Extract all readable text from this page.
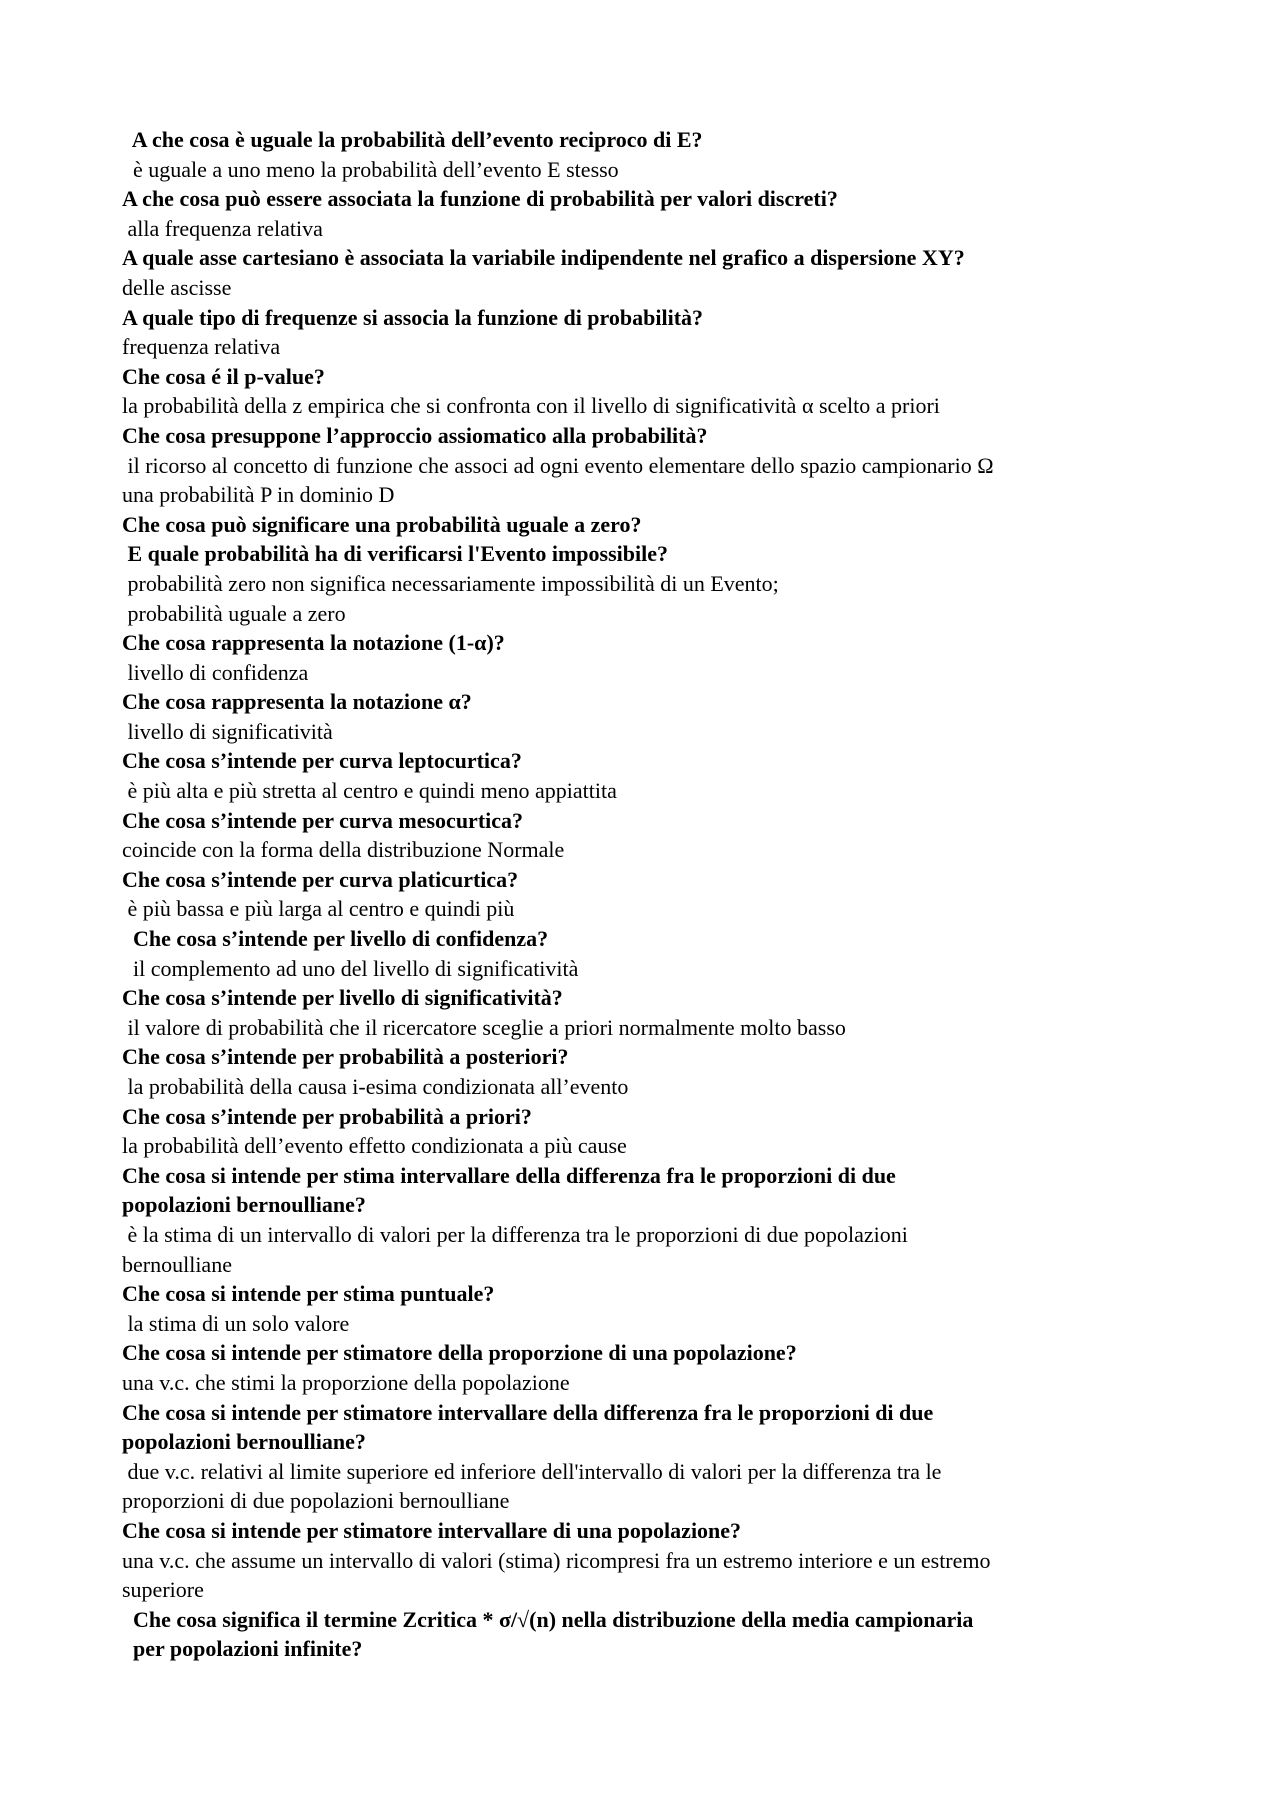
A che cosa è uguale la probabilità dell’evento reciproco di E?
è uguale a uno meno la probabilità dell’evento E stesso
A che cosa può essere associata la funzione di probabilità per valori discreti?
alla frequenza relativa
A quale asse cartesiano è associata la variabile indipendente nel grafico a dispersione XY?
delle ascisse
A quale tipo di frequenze si associa la funzione di probabilità?
frequenza relativa
Che cosa é il p-value?
la probabilità della z empirica che si confronta con il livello di significatività α scelto a priori
Che cosa presuppone l’approccio assiomatico alla probabilità?
il ricorso al concetto di funzione che associ ad ogni evento elementare dello spazio campionario Ω
una probabilità P in dominio D
Che cosa può significare una probabilità uguale a zero?
E quale probabilità ha di verificarsi l'Evento impossibile?
probabilità zero non significa necessariamente impossibilità di un Evento;
probabilità uguale a zero
Che cosa rappresenta la notazione (1-α)?
livello di confidenza
Che cosa rappresenta la notazione α?
livello di significatività
Che cosa s’intende per curva leptocurtica?
è più alta e più stretta al centro e quindi meno appiattita
Che cosa s’intende per curva mesocurtica?
coincide con la forma della distribuzione Normale
Che cosa s’intende per curva platicurtica?
è più bassa e più larga al centro e quindi più
Che cosa s’intende per livello di confidenza?
il complemento ad uno del livello di significatività
Che cosa s’intende per livello di significatività?
il valore di probabilità che il ricercatore sceglie a priori normalmente molto basso
Che cosa s’intende per probabilità a posteriori?
la probabilità della causa i-esima condizionata all’evento
Che cosa s’intende per probabilità a priori?
la probabilità dell’evento effetto condizionata a più cause
Che cosa si intende per stima intervallare della differenza fra le proporzioni di due
popolazioni bernoulliane?
è la stima di un intervallo di valori per la differenza tra le proporzioni di due popolazioni
bernoulliane
Che cosa si intende per stima puntuale?
la stima di un solo valore
Che cosa si intende per stimatore della proporzione di una popolazione?
una v.c. che stimi la proporzione della popolazione
Che cosa si intende per stimatore intervallare della differenza fra le proporzioni di due
popolazioni bernoulliane?
due v.c. relativi al limite superiore ed inferiore dell'intervallo di valori per la differenza tra le
proporzioni di due popolazioni bernoulliane
Che cosa si intende per stimatore intervallare di una popolazione?
una v.c. che assume un intervallo di valori (stima) ricompresi fra un estremo interiore e un estremo
superiore
Che cosa significa il termine Zcritica * σ/√(n) nella distribuzione della media campionaria
per popolazioni infinite?
